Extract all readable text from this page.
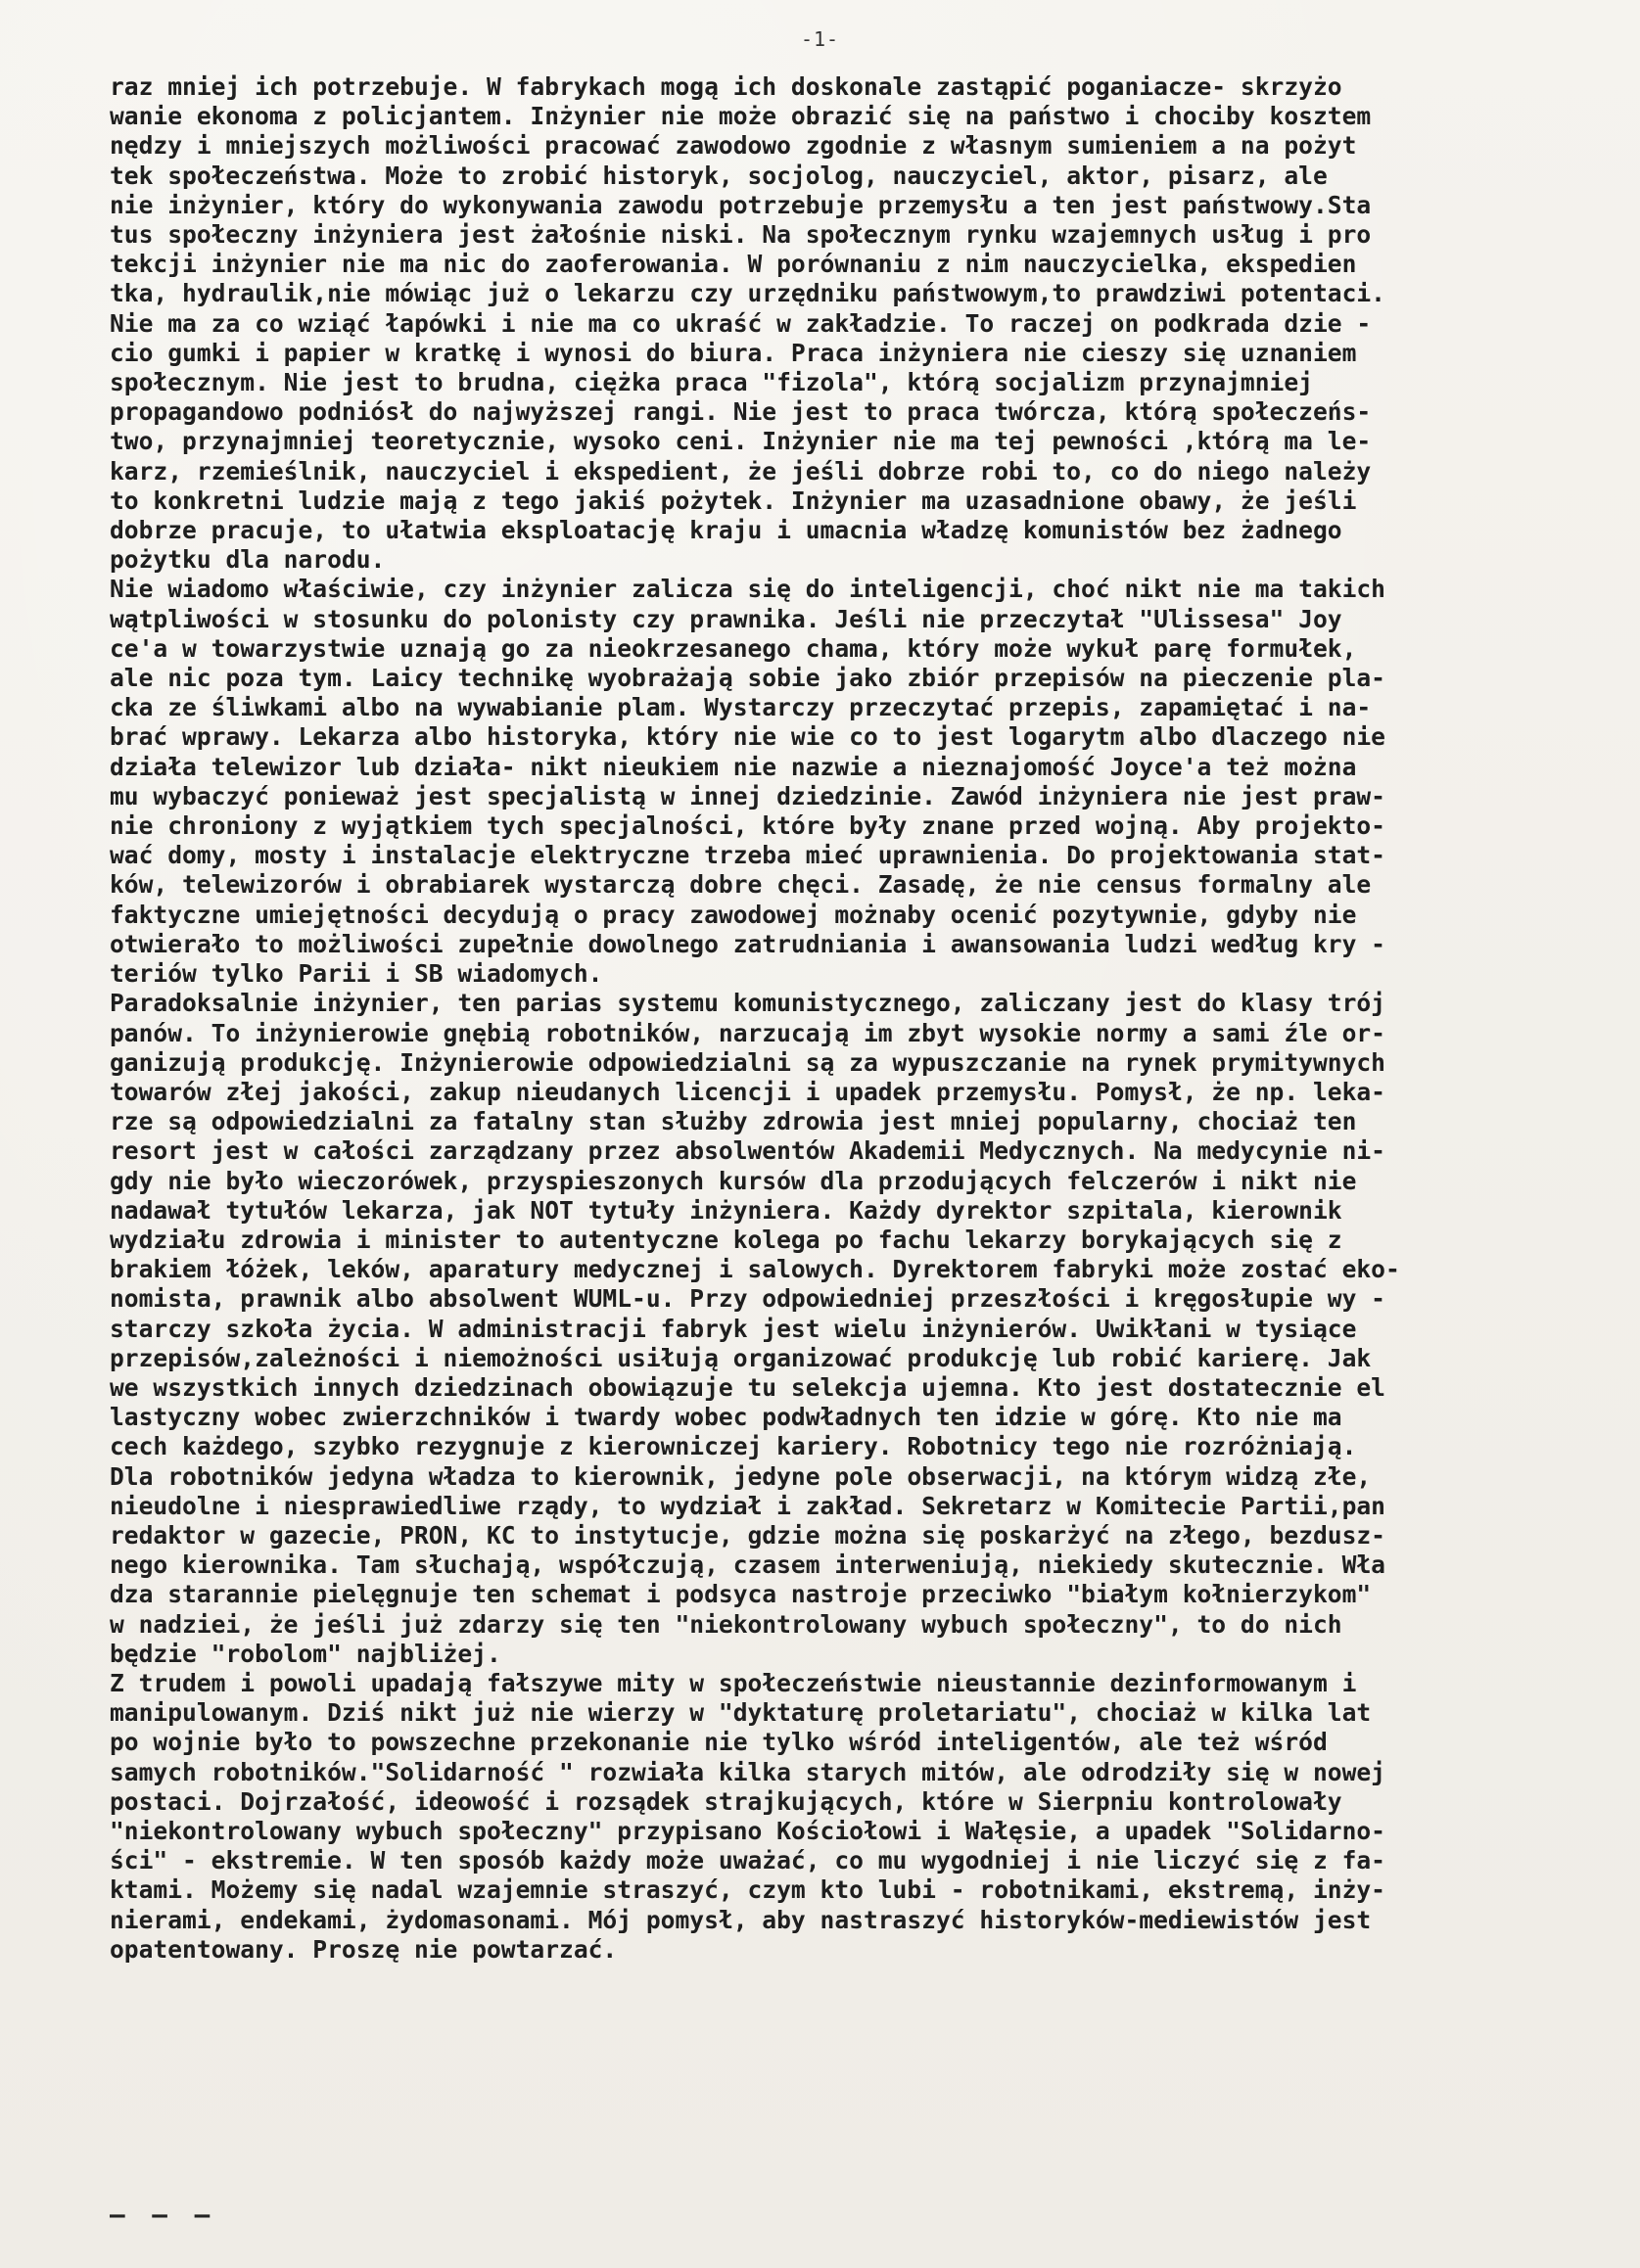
-1-
raz mniej ich potrzebuje. W fabrykach mogą ich doskonale zastąpić poganiacze- skrzyżo
wanie ekonoma z policjantem. Inżynier nie może obrazić się na państwo i chociby kosztem
nędzy i mniejszych możliwości pracować zawodowo zgodnie z własnym sumieniem a na pożyt
tek społeczeństwa. Może to zrobić historyk, socjolog, nauczyciel, aktor, pisarz, ale
nie inżynier, który do wykonywania zawodu potrzebuje przemysłu a ten jest państwowy.Sta
tus społeczny inżyniera jest żałośnie niski. Na społecznym rynku wzajemnych usług i pro
tekcji inżynier nie ma nic do zaoferowania. W porównaniu z nim nauczycielka, ekspedien
tka, hydraulik,nie mówiąc już o lekarzu czy urzędniku państwowym,to prawdziwi potentaci.
Nie ma za co wziąć łapówki i nie ma co ukraść w zakładzie. To raczej on podkrada dzie -
cio gumki i papier w kratkę i wynosi do biura. Praca inżyniera nie cieszy się uznaniem
społecznym. Nie jest to brudna, ciężka praca "fizola", którą socjalizm przynajmniej
propagandowo podniósł do najwyższej rangi. Nie jest to praca twórcza, którą społeczeńs-
two, przynajmniej teoretycznie, wysoko ceni. Inżynier nie ma tej pewności ,którą ma le-
karz, rzemieślnik, nauczyciel i ekspedient, że jeśli dobrze robi to, co do niego należy
to konkretni ludzie mają z tego jakiś pożytek. Inżynier ma uzasadnione obawy, że jeśli
dobrze pracuje, to ułatwia eksploatację kraju i umacnia władzę komunistów bez żadnego
pożytku dla narodu.
Nie wiadomo właściwie, czy inżynier zalicza się do inteligencji, choć nikt nie ma takich
wątpliwości w stosunku do polonisty czy prawnika. Jeśli nie przeczytał "Ulissesa" Joy
ce'a w towarzystwie uznają go za nieokrzesanego chama, który może wykuł parę formułek,
ale nic poza tym. Laicy technikę wyobrażają sobie jako zbiór przepisów na pieczenie pla-
cka ze śliwkami albo na wywabianie plam. Wystarczy przeczytać przepis, zapamiętać i na-
brać wprawy. Lekarza albo historyka, który nie wie co to jest logarytm albo dlaczego nie
działa telewizor lub działa- nikt nieukiem nie nazwie a nieznajomość Joyce'a też można
mu wybaczyć ponieważ jest specjalistą w innej dziedzinie. Zawód inżyniera nie jest praw-
nie chroniony z wyjątkiem tych specjalności, które były znane przed wojną. Aby projekto-
wać domy, mosty i instalacje elektryczne trzeba mieć uprawnienia. Do projektowania stat-
ków, telewizorów i obrabiarek wystarczą dobre chęci. Zasadę, że nie census formalny ale
faktyczne umiejętności decydują o pracy zawodowej możnaby ocenić pozytywnie, gdyby nie
otwierało to możliwości zupełnie dowolnego zatrudniania i awansowania ludzi według kry -
teriów tylko Parii i SB wiadomych.
Paradoksalnie inżynier, ten parias systemu komunistycznego, zaliczany jest do klasy trój
panów. To inżynierowie gnębią robotników, narzucają im zbyt wysokie normy a sami źle or-
ganizują produkcję. Inżynierowie odpowiedzialni są za wypuszczanie na rynek prymitywnych
towarów złej jakości, zakup nieudanych licencji i upadek przemysłu. Pomysł, że np. leka-
rze są odpowiedzialni za fatalny stan służby zdrowia jest mniej popularny, chociaż ten
resort jest w całości zarządzany przez absolwentów Akademii Medycznych. Na medycynie ni-
gdy nie było wieczorówek, przyspieszonych kursów dla przodujących felczerów i nikt nie
nadawał tytułów lekarza, jak NOT tytuły inżyniera. Każdy dyrektor szpitala, kierownik
wydziału zdrowia i minister to autentyczne kolega po fachu lekarzy borykających się z
brakiem łóżek, leków, aparatury medycznej i salowych. Dyrektorem fabryki może zostać eko-
nomista, prawnik albo absolwent WUML-u. Przy odpowiedniej przeszłości i kręgosłupie wy -
starczy szkoła życia. W administracji fabryk jest wielu inżynierów. Uwikłani w tysiące
przepisów,zależności i niemożności usiłują organizować produkcję lub robić karierę. Jak
we wszystkich innych dziedzinach obowiązuje tu selekcja ujemna. Kto jest dostatecznie el
lastyczny wobec zwierzchników i twardy wobec podwładnych ten idzie w górę. Kto nie ma
cech każdego, szybko rezygnuje z kierowniczej kariery. Robotnicy tego nie rozróżniają.
Dla robotników jedyna władza to kierownik, jedyne pole obserwacji, na którym widzą złe,
nieudolne i niesprawiedliwe rządy, to wydział i zakład. Sekretarz w Komitecie Partii,pan
redaktor w gazecie, PRON, KC to instytucje, gdzie można się poskarżyć na złego, bezdusz-
nego kierownika. Tam słuchają, współczują, czasem interweniują, niekiedy skutecznie. Wła
dza starannie pielęgnuje ten schemat i podsyca nastroje przeciwko "białym kołnierzykom"
w nadziei, że jeśli już zdarzy się ten "niekontrolowany wybuch społeczny", to do nich
będzie "robolom" najbliżej.
Z trudem i powoli upadają fałszywe mity w społeczeństwie nieustannie dezinformowanym i
manipulowanym. Dziś nikt już nie wierzy w "dyktaturę proletariatu", chociaż w kilka lat
po wojnie było to powszechne przekonanie nie tylko wśród inteligentów, ale też wśród
samych robotników."Solidarność " rozwiała kilka starych mitów, ale odrodziły się w nowej
postaci. Dojrzałość, ideowość i rozsądek strajkujących, które w Sierpniu kontrolowały
"niekontrolowany wybuch społeczny" przypisano Kościołowi i Wałęsie, a upadek "Solidarno-
ści" - ekstremie. W ten sposób każdy może uważać, co mu wygodniej i nie liczyć się z fa-
ktami. Możemy się nadal wzajemnie straszyć, czym kto lubi - robotnikami, ekstremą, inży-
nierami, endekami, żydomasonami. Mój pomysł, aby nastraszyć historyków-mediewistów jest
opatentowany. Proszę nie powtarzać.
— — —
